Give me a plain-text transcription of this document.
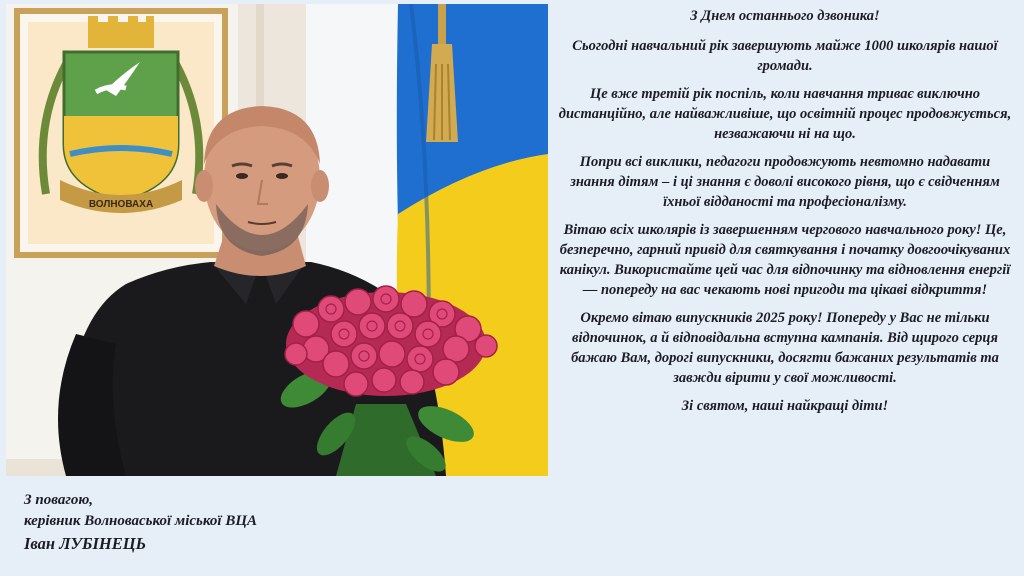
ВОЛНОВАХА
З повагою,
керівник Волноваської міської ВЦА
Іван ЛУБІНЕЦЬ

З Днем останнього дзвоника!

Сьогодні навчальний рік завершують майже 1000 школярів нашої громади.

Це вже третій рік поспіль, коли навчання триває виключно дистанційно, але найважливіше, що освітній процес продовжується, незважаючи ні на що.

Попри всі виклики, педагоги продовжують невтомно надавати знання дітям – і ці знання є доволі високого рівня, що є свідченням їхньої відданості та професіоналізму.

Вітаю всіх школярів із завершенням чергового навчального року! Це, безперечно, гарний привід для святкування і початку довгоочікуваних канікул. Використайте цей час для відпочинку та відновлення енергії — попереду на вас чекають нові пригоди та цікаві відкриття!

Окремо вітаю випускників 2025 року! Попереду у Вас не тільки відпочинок, а й відповідальна вступна кампанія. Від щирого серця бажаю Вам, дорогі випускники, досягти бажаних результатів та завжди вірити у свої можливості.

Зі святом, наші найкращі діти!
